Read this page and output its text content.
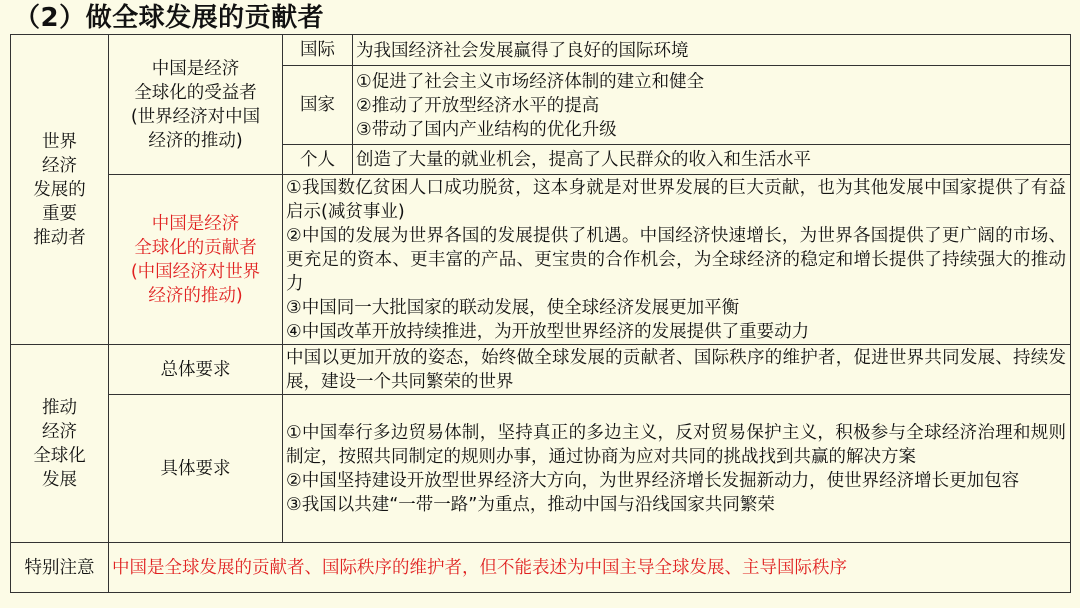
（2）做全球发展的贡献者
世界
经济
发展的
重要
推动者	中国是经济
全球化的受益者
(世界经济对中国
经济的推动)	国际	为我国经济社会发展赢得了良好的国际环境

		国家	①促进了社会主义市场经济体制的建立和健全
②推动了开放型经济水平的提高
③带动了国内产业结构的优化升级

		个人	创造了大量的就业机会，提高了人民群众的收入和生活水平

	中国是经济
全球化的贡献者
(中国经济对世界
经济的推动)	①我国数亿贫困人口成功脱贫，这本身就是对世界发展的巨大贡献，也为其他发展中国家提供了有益启示(减贫事业)
②中国的发展为世界各国的发展提供了机遇。中国经济快速增长，为世界各国提供了更广阔的市场、更充足的资本、更丰富的产品、更宝贵的合作机会，为全球经济的稳定和增长提供了持续强大的推动力
③中国同一大批国家的联动发展，使全球经济发展更加平衡
④中国改革开放持续推进，为开放型世界经济的发展提供了重要动力	

推动
经济
全球化
发展	总体要求	中国以更加开放的姿态，始终做全球发展的贡献者、国际秩序的维护者，促进世界共同发展、持续发展，建设一个共同繁荣的世界	

	具体要求	①中国奉行多边贸易体制，坚持真正的多边主义，反对贸易保护主义，积极参与全球经济治理和规则制定，按照共同制定的规则办事，通过协商为应对共同的挑战找到共赢的解决方案
②中国坚持建设开放型世界经济大方向，为世界经济增长发掘新动力，使世界经济增长更加包容
③我国以共建“一带一路”为重点，推动中国与沿线国家共同繁荣	

特别注意	中国是全球发展的贡献者、国际秩序的维护者，但不能表述为中国主导全球发展、主导国际秩序		
